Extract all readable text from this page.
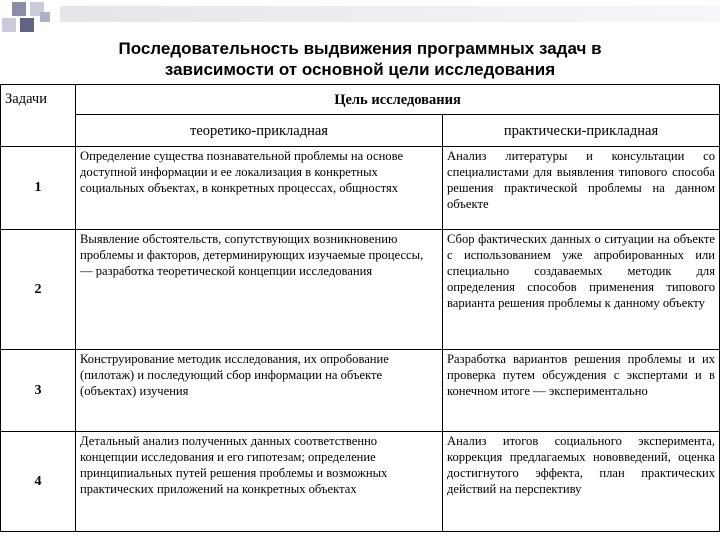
Последовательность выдвижения программных задач в
зависимости от основной цели исследования
Задачи	Цель исследования	
	теоретико-прикладная	практически-прикладная
1	Определение существа познавательной проблемы на основе доступной информации и ее локализация в конкретных социальных объектах, в конкретных процессах, общностях	Анализ литературы и консультации со специалистами для выявления типового способа решения практической проблемы на данном объекте
2	Выявление обстоятельств, сопутствующих возникновению проблемы и факторов, детерминирующих изучаемые процессы, — разработка теоретической концепции исследования	Сбор фактических данных о ситуации на объекте с использованием уже апробированных или специально создаваемых методик для определения способов применения типового варианта решения проблемы к данному объекту
3	Конструирование методик исследования, их опробование (пилотаж) и последующий сбор информации на объекте (объектах) изучения	Разработка вариантов решения проблемы и их проверка путем обсуждения с экспертами и в конечном итоге — экспериментально
4	Детальный анализ полученных данных соответственно концепции исследования и его гипотезам; определение принципиальных путей решения проблемы и возможных практических приложений на конкретных объектах	Анализ итогов социального эксперимента, коррекция предлагаемых нововведений, оценка достигнутого эффекта, план практических действий на перспективу
